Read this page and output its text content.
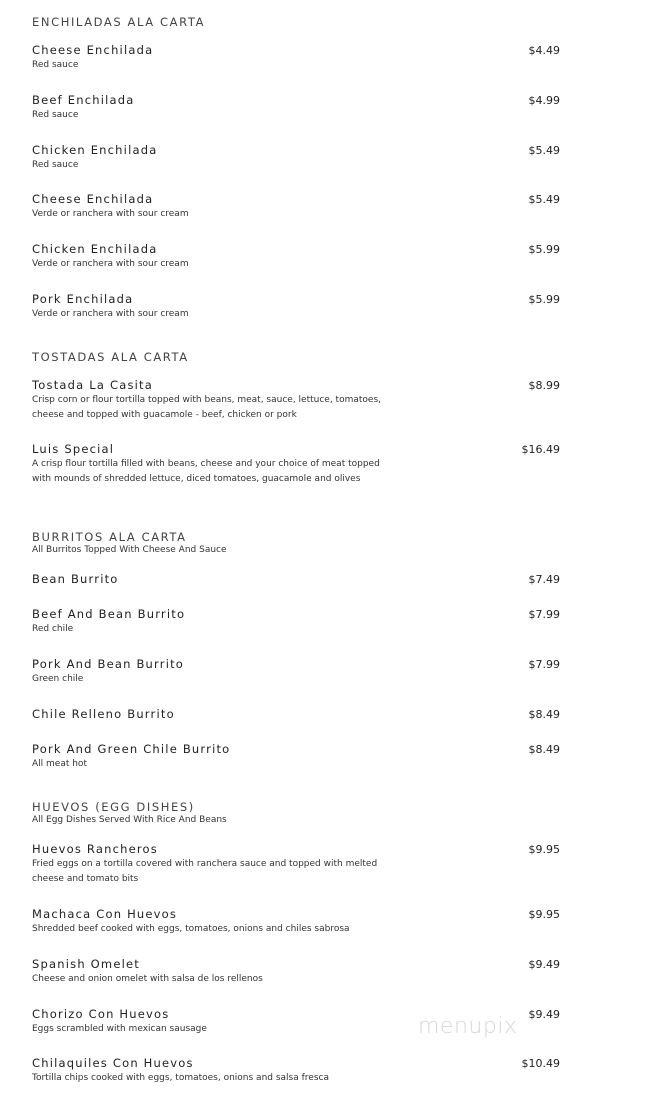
ENCHILADAS ALA CARTA
Cheese Enchilada
Red sauce
$4.49
Beef Enchilada
Red sauce
$4.99
Chicken Enchilada
Red sauce
$5.49
Cheese Enchilada
Verde or ranchera with sour cream
$5.49
Chicken Enchilada
Verde or ranchera with sour cream
$5.99
Pork Enchilada
Verde or ranchera with sour cream
$5.99
TOSTADAS ALA CARTA
Tostada La Casita
Crisp corn or flour tortilla topped with beans, meat, sauce, lettuce, tomatoes, cheese and topped with guacamole - beef, chicken or pork
$8.99
Luis Special
A crisp flour tortilla filled with beans, cheese and your choice of meat topped with mounds of shredded lettuce, diced tomatoes, guacamole and olives
$16.49
BURRITOS ALA CARTA
All Burritos Topped With Cheese And Sauce
Bean Burrito	$7.49
Beef And Bean Burrito
Red chile
$7.99
Pork And Bean Burrito
Green chile
$7.99
Chile Relleno Burrito	$8.49
Pork And Green Chile Burrito
All meat hot
$8.49
HUEVOS (EGG DISHES)
All Egg Dishes Served With Rice And Beans
Huevos Rancheros
Fried eggs on a tortilla covered with ranchera sauce and topped with melted cheese and tomato bits
$9.95
Machaca Con Huevos
Shredded beef cooked with eggs, tomatoes, onions and chiles sabrosa
$9.95
Spanish Omelet
Cheese and onion omelet with salsa de los rellenos
$9.49
Chorizo Con Huevos
Eggs scrambled with mexican sausage
$9.49
Chilaquiles Con Huevos
Tortilla chips cooked with eggs, tomatoes, onions and salsa fresca
$10.49
menupix
